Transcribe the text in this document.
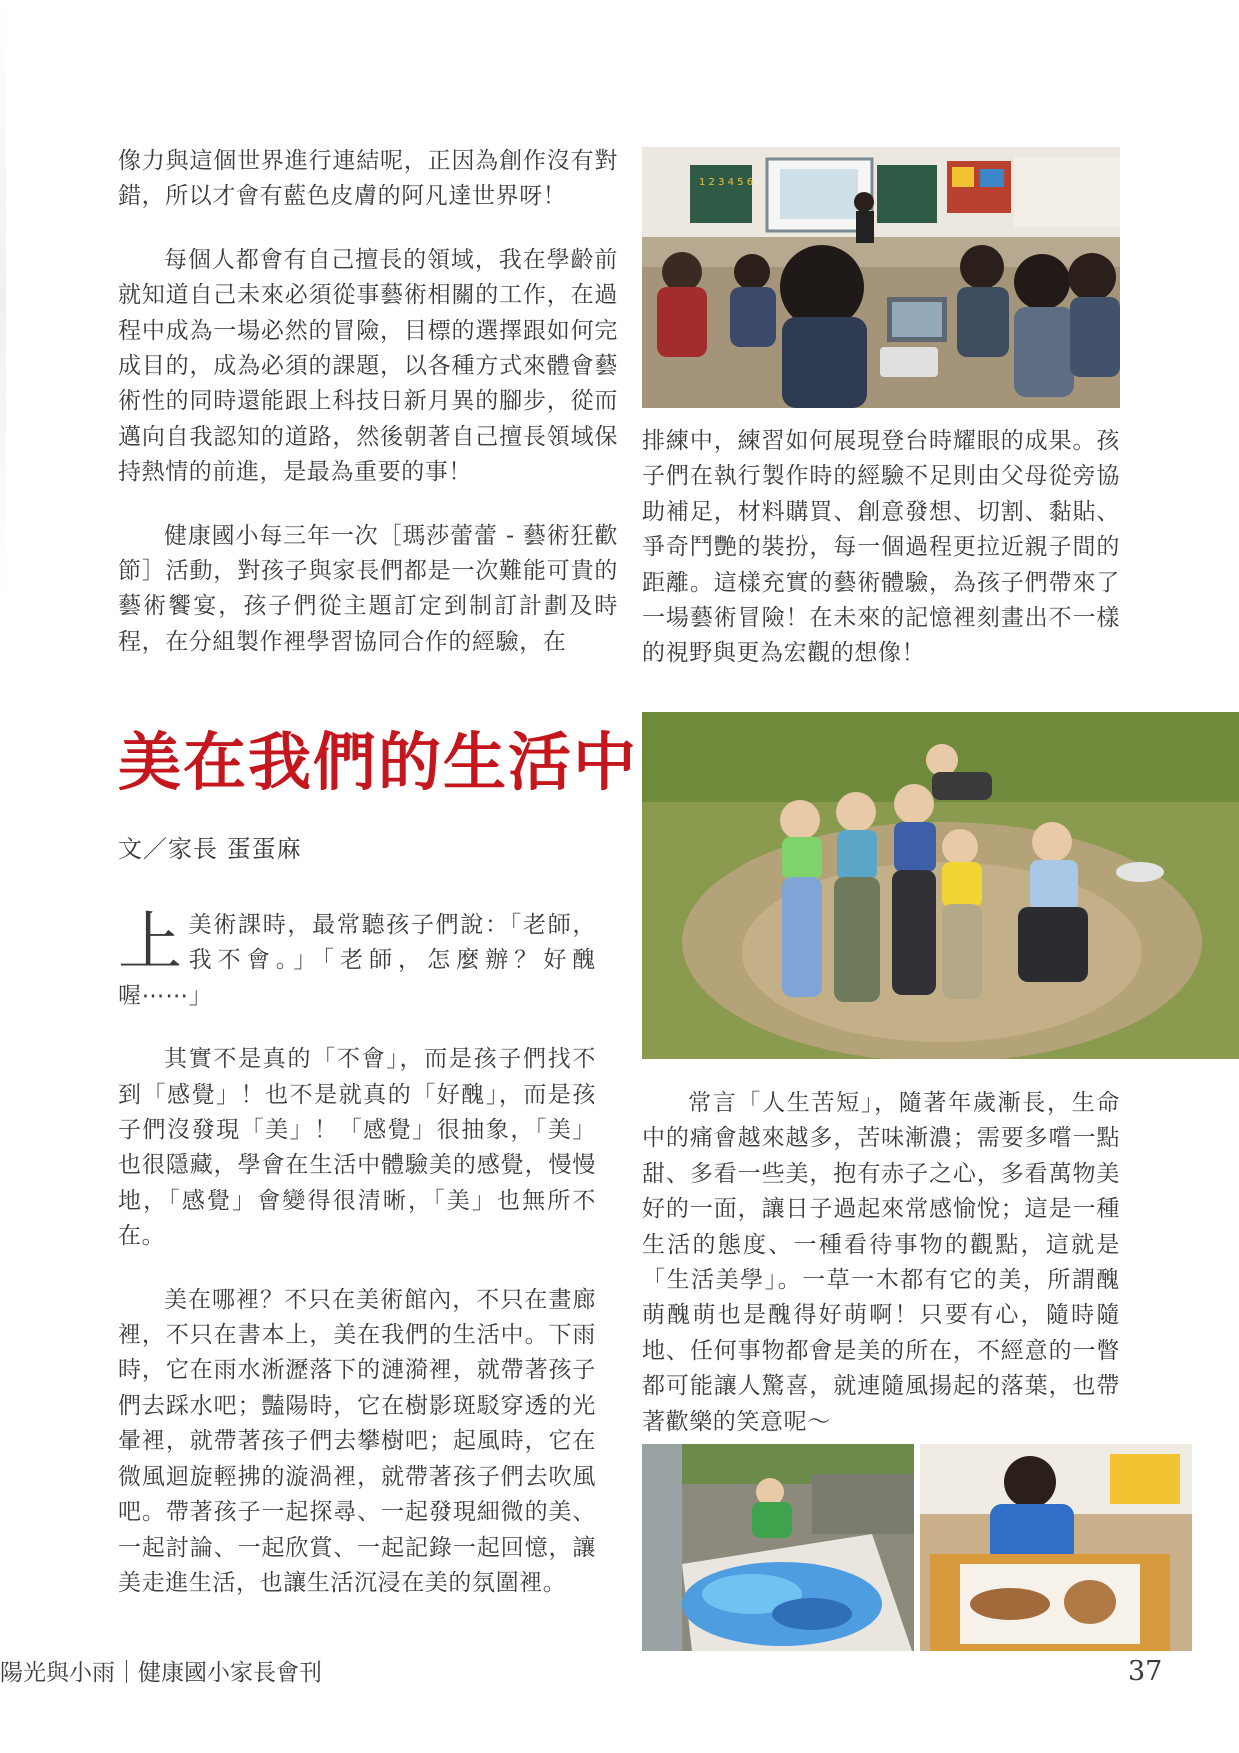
像力與這個世界進行連結呢，正因為創作沒有對錯，所以才會有藍色皮膚的阿凡達世界呀！

每個人都會有自己擅長的領域，我在學齡前就知道自己未來必須從事藝術相關的工作，在過程中成為一場必然的冒險，目標的選擇跟如何完成目的，成為必須的課題，以各種方式來體會藝術性的同時還能跟上科技日新月異的腳步，從而邁向自我認知的道路，然後朝著自己擅長領域保持熱情的前進，是最為重要的事！

健康國小每三年一次［瑪莎蕾蕾 - 藝術狂歡節］活動，對孩子與家長們都是一次難能可貴的藝術饗宴，孩子們從主題訂定到制訂計劃及時程，在分組製作裡學習協同合作的經驗，在

1 2 3 4 5 6

排練中，練習如何展現登台時耀眼的成果。孩子們在執行製作時的經驗不足則由父母從旁協助補足，材料購買、創意發想、切割、黏貼、爭奇鬥艷的裝扮，每一個過程更拉近親子間的距離。這樣充實的藝術體驗，為孩子們帶來了一場藝術冒險！在未來的記憶裡刻畫出不一樣的視野與更為宏觀的想像！

美在我們的生活中
文／家長 蛋蛋麻

上美術課時，最常聽孩子們說：「老師，我不會。」「老師，怎麼辦？好醜喔⋯⋯」

其實不是真的「不會」，而是孩子們找不到「感覺」！也不是就真的「好醜」，而是孩子們沒發現「美」！「感覺」很抽象，「美」也很隱藏，學會在生活中體驗美的感覺，慢慢地，「感覺」會變得很清晰，「美」也無所不在。

美在哪裡？不只在美術館內，不只在畫廊裡，不只在書本上，美在我們的生活中。下雨時，它在雨水淅瀝落下的漣漪裡，就帶著孩子們去踩水吧；豔陽時，它在樹影斑駁穿透的光暈裡，就帶著孩子們去攀樹吧；起風時，它在微風迴旋輕拂的漩渦裡，就帶著孩子們去吹風吧。帶著孩子一起探尋、一起發現細微的美、一起討論、一起欣賞、一起記錄一起回憶，讓美走進生活，也讓生活沉浸在美的氛圍裡。

常言「人生苦短」，隨著年歲漸長，生命中的痛會越來越多，苦味漸濃；需要多嚐一點甜、多看一些美，抱有赤子之心，多看萬物美好的一面，讓日子過起來常感愉悅；這是一種生活的態度、一種看待事物的觀點，這就是「生活美學」。一草一木都有它的美，所謂醜萌醜萌也是醜得好萌啊！只要有心，隨時隨地、任何事物都會是美的所在，不經意的一瞥都可能讓人驚喜，就連隨風揚起的落葉，也帶著歡樂的笑意呢～

陽光與小雨｜健康國小家長會刊	37
